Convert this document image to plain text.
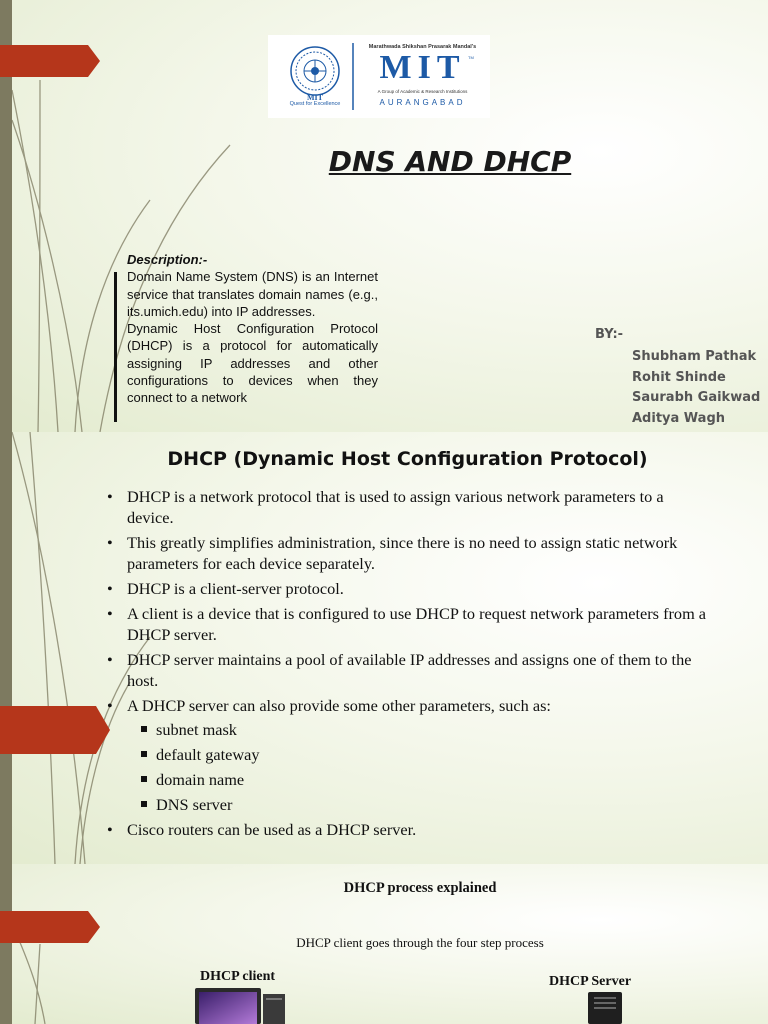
MIT
Quest for Excellence
Marathwada Shikshan Prasarak Mandal's
MIT TM
A Group of Academic & Research Institutions
AURANGABAD
DNS AND DHCP
Description:-
Domain Name System (DNS) is an Internet service that translates domain names (e.g., its.umich.edu) into IP addresses.
Dynamic Host Configuration Protocol (DHCP) is a protocol for automatically assigning IP addresses and other configurations to devices when they connect to a network
BY:-
Shubham Pathak
Rohit Shinde
Saurabh Gaikwad
Aditya Wagh
DHCP (Dynamic Host Configuration Protocol)
• DHCP is a network protocol that is used to assign various network parameters to a device.
• This greatly simplifies administration, since there is no need to assign static network parameters for each device separately.
• DHCP is a client-server protocol.
• A client is a device that is configured to use DHCP to request network parameters from a DHCP server.
• DHCP server maintains a pool of available IP addresses and assigns one of them to the host.
• A DHCP server can also provide some other parameters, such as:
subnet mask
default gateway
domain name
DNS server
• Cisco routers can be used as a DHCP server.
DHCP process explained
DHCP client goes through the four step process
DHCP client	DHCP Server
